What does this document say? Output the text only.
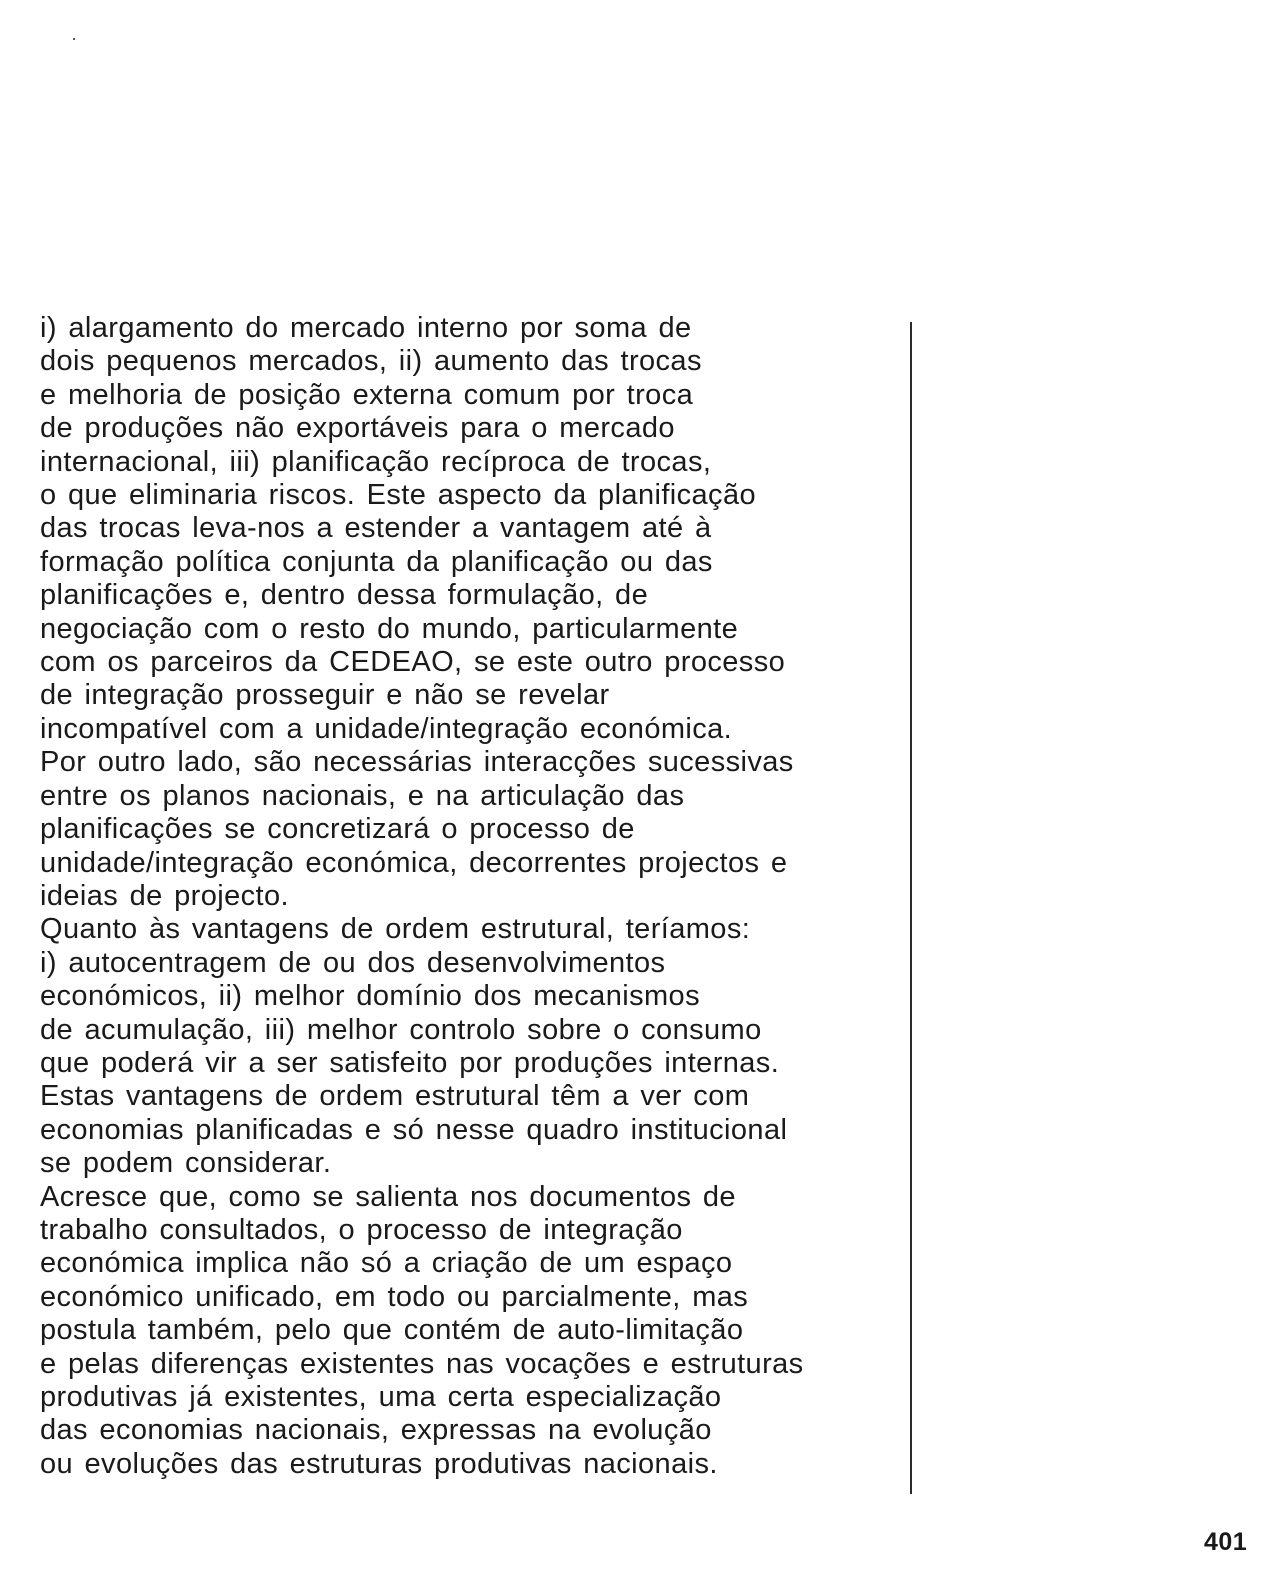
i) alargamento do mercado interno por soma de
dois pequenos mercados, ii) aumento das trocas
e melhoria de posição externa comum por troca
de produções não exportáveis para o mercado
internacional, iii) planificação recíproca de trocas,
o que eliminaria riscos. Este aspecto da planificação
das trocas leva-nos a estender a vantagem até à
formação política conjunta da planificação ou das
planificações e, dentro dessa formulação, de
negociação com o resto do mundo, particularmente
com os parceiros da CEDEAO, se este outro processo
de integração prosseguir e não se revelar
incompatível com a unidade/integração económica.
Por outro lado, são necessárias interacções sucessivas
entre os planos nacionais, e na articulação das
planificações se concretizará o processo de
unidade/integração económica, decorrentes projectos e
ideias de projecto.
Quanto às vantagens de ordem estrutural, teríamos:
i) autocentragem de ou dos desenvolvimentos
económicos, ii) melhor domínio dos mecanismos
de acumulação, iii) melhor controlo sobre o consumo
que poderá vir a ser satisfeito por produções internas.
Estas vantagens de ordem estrutural têm a ver com
economias planificadas e só nesse quadro institucional
se podem considerar.
Acresce que, como se salienta nos documentos de
trabalho consultados, o processo de integração
económica implica não só a criação de um espaço
económico unificado, em todo ou parcialmente, mas
postula também, pelo que contém de auto-limitação
e pelas diferenças existentes nas vocações e estruturas
produtivas já existentes, uma certa especialização
das economias nacionais, expressas na evolução
ou evoluções das estruturas produtivas nacionais.
401
